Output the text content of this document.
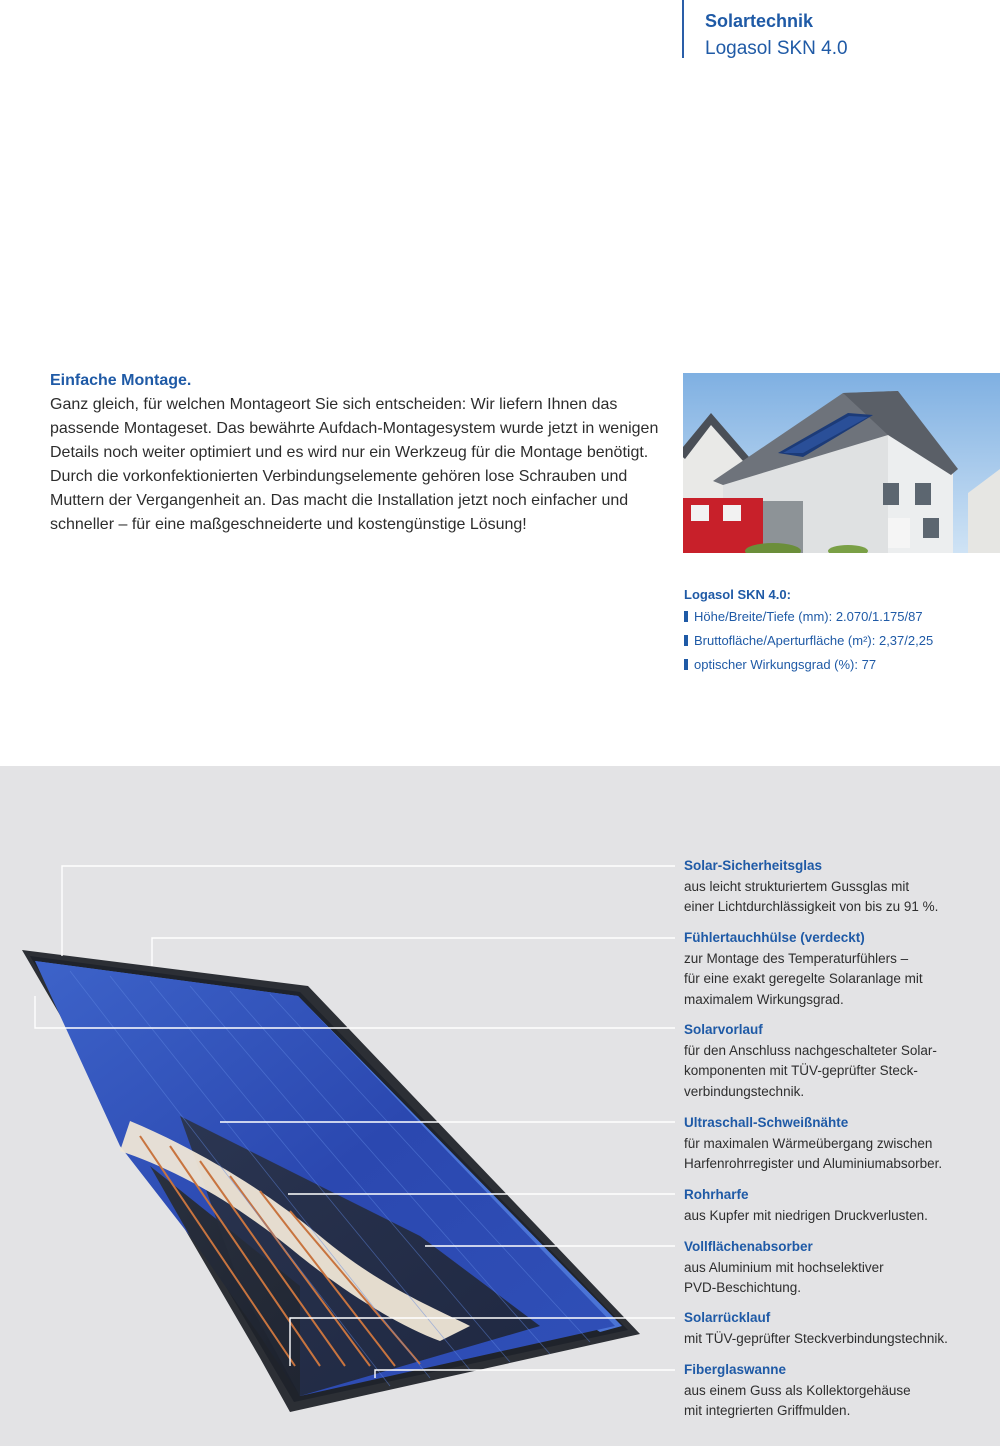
Solartechnik
Logasol SKN 4.0
Einfache Montage.
Ganz gleich, für welchen Montageort Sie sich entscheiden: Wir liefern Ihnen das passende Montageset. Das bewährte Aufdach-Montagesystem wurde jetzt in wenigen Details noch weiter optimiert und es wird nur ein Werkzeug für die Montage benötigt. Durch die vorkonfektionierten Verbindungselemente gehören lose Schrauben und Muttern der Vergangenheit an. Das macht die Installation jetzt noch einfacher und schneller – für eine maßgeschneiderte und kostengünstige Lösung!
Logasol SKN 4.0:
Höhe/Breite/Tiefe (mm): 2.070/1.175/87
Bruttofläche/Aperturfläche (m²): 2,37/2,25
optischer Wirkungsgrad (%): 77
Solar-Sicherheitsglas
aus leicht strukturiertem Gussglas mit
einer Lichtdurchlässigkeit von bis zu 91 %.
Fühlertauchhülse (verdeckt)
zur Montage des Temperaturfühlers –
für eine exakt geregelte Solaranlage mit
maximalem Wirkungsgrad.
Solarvorlauf
für den Anschluss nachgeschalteter Solar-
komponenten mit TÜV-geprüfter Steck-
verbindungstechnik.
Ultraschall-Schweißnähte
für maximalen Wärmeübergang zwischen
Harfenrohrregister und Aluminiumabsorber.
Rohrharfe
aus Kupfer mit niedrigen Druckverlusten.
Vollflächenabsorber
aus Aluminium mit hochselektiver
PVD-Beschichtung.
Solarrücklauf
mit TÜV-geprüfter Steckverbindungstechnik.
Fiberglaswanne
aus einem Guss als Kollektorgehäuse
mit integrierten Griffmulden.
